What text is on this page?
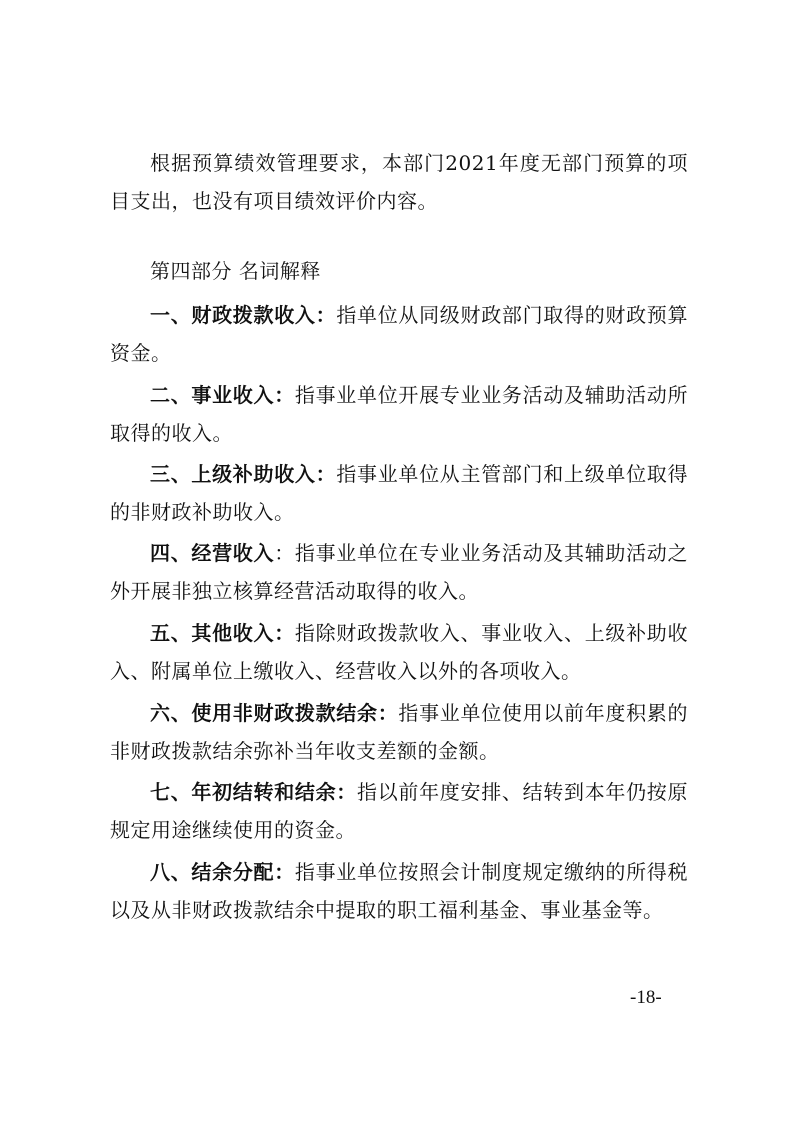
根据预算绩效管理要求，本部门2021年度无部门预算的项目支出，也没有项目绩效评价内容。

第四部分 名词解释

一、财政拨款收入：指单位从同级财政部门取得的财政预算资金。

二、事业收入：指事业单位开展专业业务活动及辅助活动所取得的收入。

三、上级补助收入：指事业单位从主管部门和上级单位取得的非财政补助收入。

四、经营收入：指事业单位在专业业务活动及其辅助活动之外开展非独立核算经营活动取得的收入。

五、其他收入：指除财政拨款收入、事业收入、上级补助收入、附属单位上缴收入、经营收入以外的各项收入。

六、使用非财政拨款结余：指事业单位使用以前年度积累的非财政拨款结余弥补当年收支差额的金额。

七、年初结转和结余：指以前年度安排、结转到本年仍按原规定用途继续使用的资金。

八、结余分配：指事业单位按照会计制度规定缴纳的所得税以及从非财政拨款结余中提取的职工福利基金、事业基金等。

-18-
